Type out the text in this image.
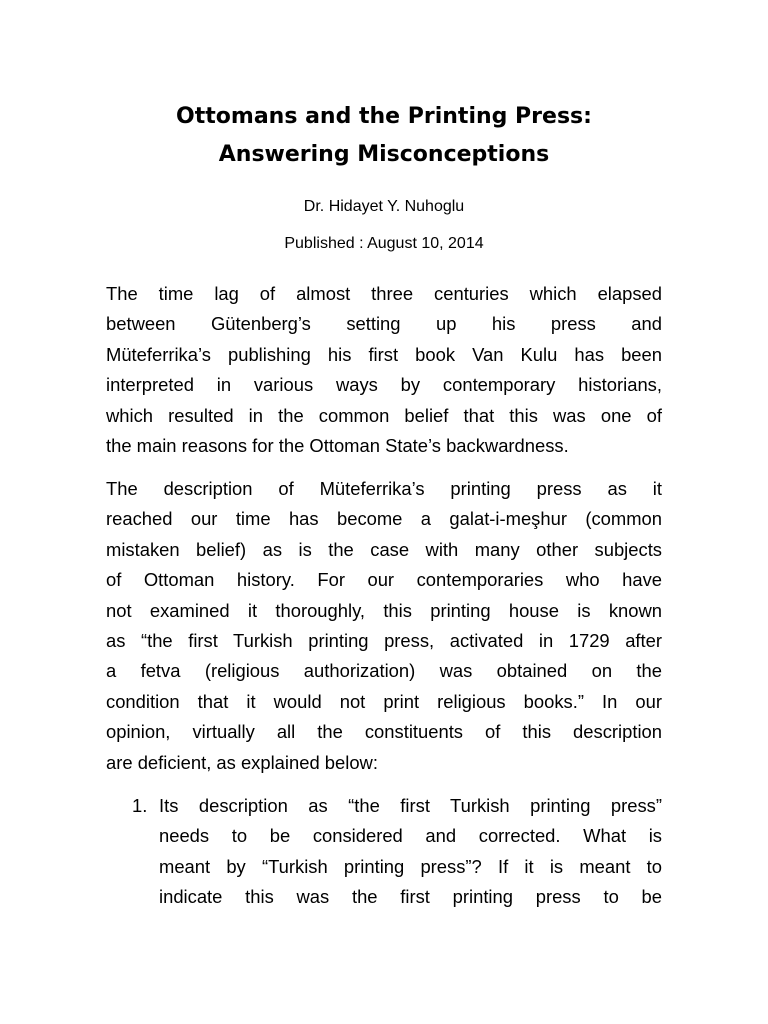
Ottomans and the Printing Press:
Answering Misconceptions
Dr. Hidayet Y. Nuhoglu
Published : August 10, 2014
The time lag of almost three centuries which elapsed
between Gütenberg’s setting up his press and
Müteferrika’s publishing his first book Van Kulu has been
interpreted in various ways by contemporary historians,
which resulted in the common belief that this was one of
the main reasons for the Ottoman State’s backwardness.
The description of Müteferrika’s printing press as it
reached our time has become a galat-i-meşhur (common
mistaken belief) as is the case with many other subjects
of Ottoman history. For our contemporaries who have
not examined it thoroughly, this printing house is known
as “the first Turkish printing press, activated in 1729 after
a fetva (religious authorization) was obtained on the
condition that it would not print religious books.” In our
opinion, virtually all the constituents of this description
are deficient, as explained below:
1. Its description as “the first Turkish printing press”
needs to be considered and corrected. What is
meant by “Turkish printing press”? If it is meant to
indicate this was the first printing press to be
